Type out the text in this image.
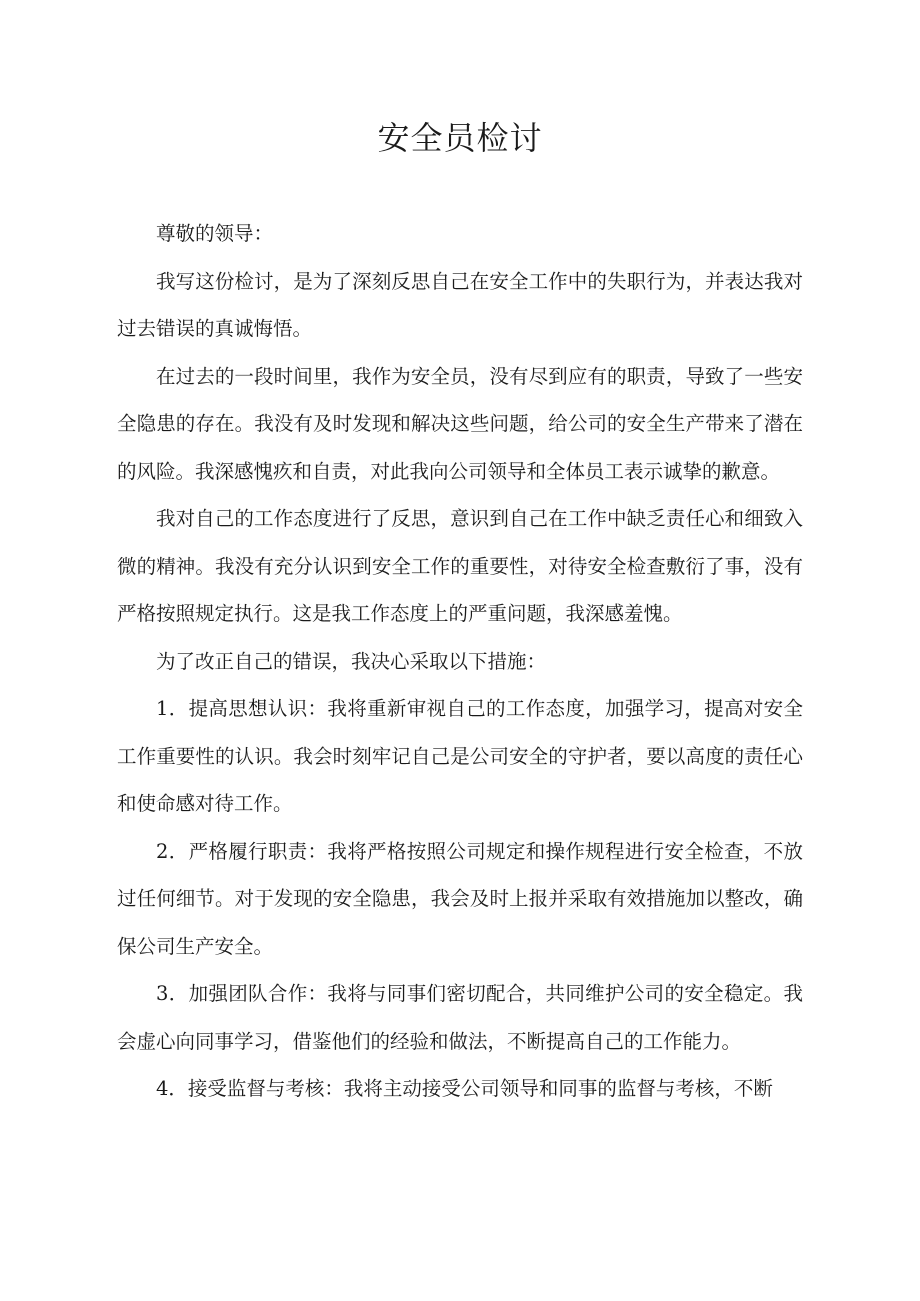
安全员检讨

尊敬的领导：

我写这份检讨，是为了深刻反思自己在安全工作中的失职行为，并表达我对过去错误的真诚悔悟。

在过去的一段时间里，我作为安全员，没有尽到应有的职责，导致了一些安全隐患的存在。我没有及时发现和解决这些问题，给公司的安全生产带来了潜在的风险。我深感愧疚和自责，对此我向公司领导和全体员工表示诚挚的歉意。

我对自己的工作态度进行了反思，意识到自己在工作中缺乏责任心和细致入微的精神。我没有充分认识到安全工作的重要性，对待安全检查敷衍了事，没有严格按照规定执行。这是我工作态度上的严重问题，我深感羞愧。

为了改正自己的错误，我决心采取以下措施：

1．提高思想认识：我将重新审视自己的工作态度，加强学习，提高对安全工作重要性的认识。我会时刻牢记自己是公司安全的守护者，要以高度的责任心和使命感对待工作。

2．严格履行职责：我将严格按照公司规定和操作规程进行安全检查，不放过任何细节。对于发现的安全隐患，我会及时上报并采取有效措施加以整改，确保公司生产安全。

3．加强团队合作：我将与同事们密切配合，共同维护公司的安全稳定。我会虚心向同事学习，借鉴他们的经验和做法，不断提高自己的工作能力。

4．接受监督与考核：我将主动接受公司领导和同事的监督与考核，不断
